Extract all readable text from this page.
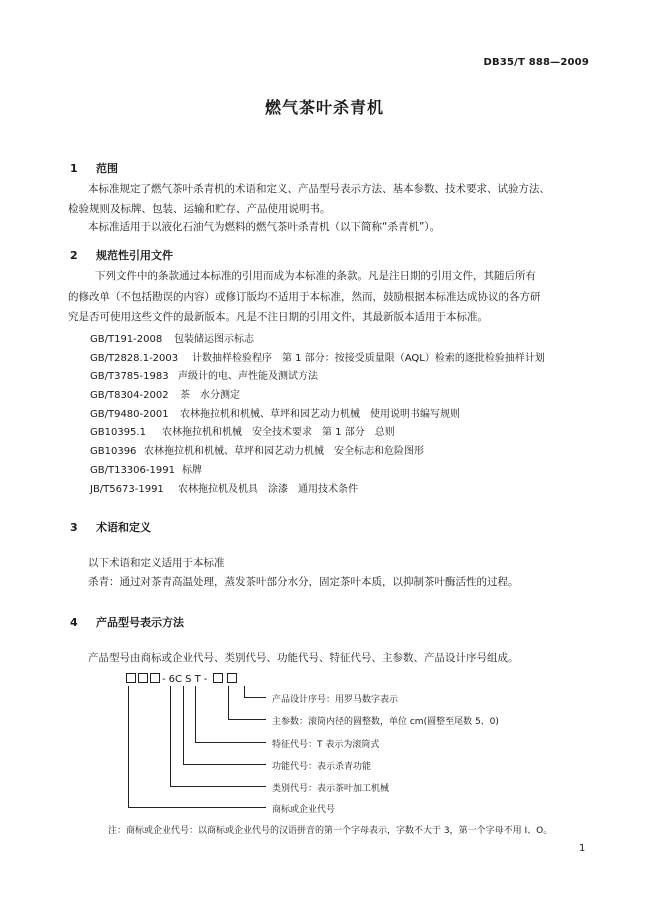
DB35/T 888—2009
燃气茶叶杀青机
1 范围
本标准规定了燃气茶叶杀青机的术语和定义、产品型号表示方法、基本参数、技术要求、试验方法、
检验规则及标牌、包装、运输和贮存、产品使用说明书。
本标准适用于以液化石油气为燃料的燃气茶叶杀青机（以下简称“杀青机”）。
2 规范性引用文件
下列文件中的条款通过本标准的引用而成为本标准的条款。凡是注日期的引用文件，其随后所有
的修改单（不包括勘误的内容）或修订版均不适用于本标准，然而，鼓励根据本标准达成协议的各方研
究是否可使用这些文件的最新版本。凡是不注日期的引用文件，其最新版本适用于本标准。
GB/T191-2008 包装储运图示标志
GB/T2828.1-2003 计数抽样检验程序　第 1 部分：按接受质量限（AQL）检索的逐批检验抽样计划
GB/T3785-1983 声级计的电、声性能及测试方法
GB/T8304-2002 茶　水分测定
GB/T9480-2001 农林拖拉机和机械、草坪和园艺动力机械　使用说明书编写规则
GB10395.1 农林拖拉机和机械　安全技术要求　第 1 部分　总则
GB10396 农林拖拉机和机械、草坪和园艺动力机械　安全标志和危险图形
GB/T13306-1991 标牌
JB/T5673-1991 农林拖拉机及机具　涂漆　通用技术条件
3 术语和定义
以下术语和定义适用于本标准
杀青：通过对茶青高温处理，蒸发茶叶部分水分，固定茶叶本质，以抑制茶叶酶活性的过程。
4 产品型号表示方法
产品型号由商标或企业代号、类别代号、功能代号、特征代号、主参数、产品设计序号组成。
- 6C S T -
产品设计序号：用罗马数字表示
主参数：滚筒内径的圆整数，单位 cm(圆整至尾数 5、0)
特征代号：T 表示为滚筒式
功能代号：表示杀青功能
类别代号：表示茶叶加工机械
商标或企业代号
注：商标或企业代号：以商标或企业代号的汉语拼音的第一个字母表示，字数不大于 3，第一个字母不用 I、O。
1
